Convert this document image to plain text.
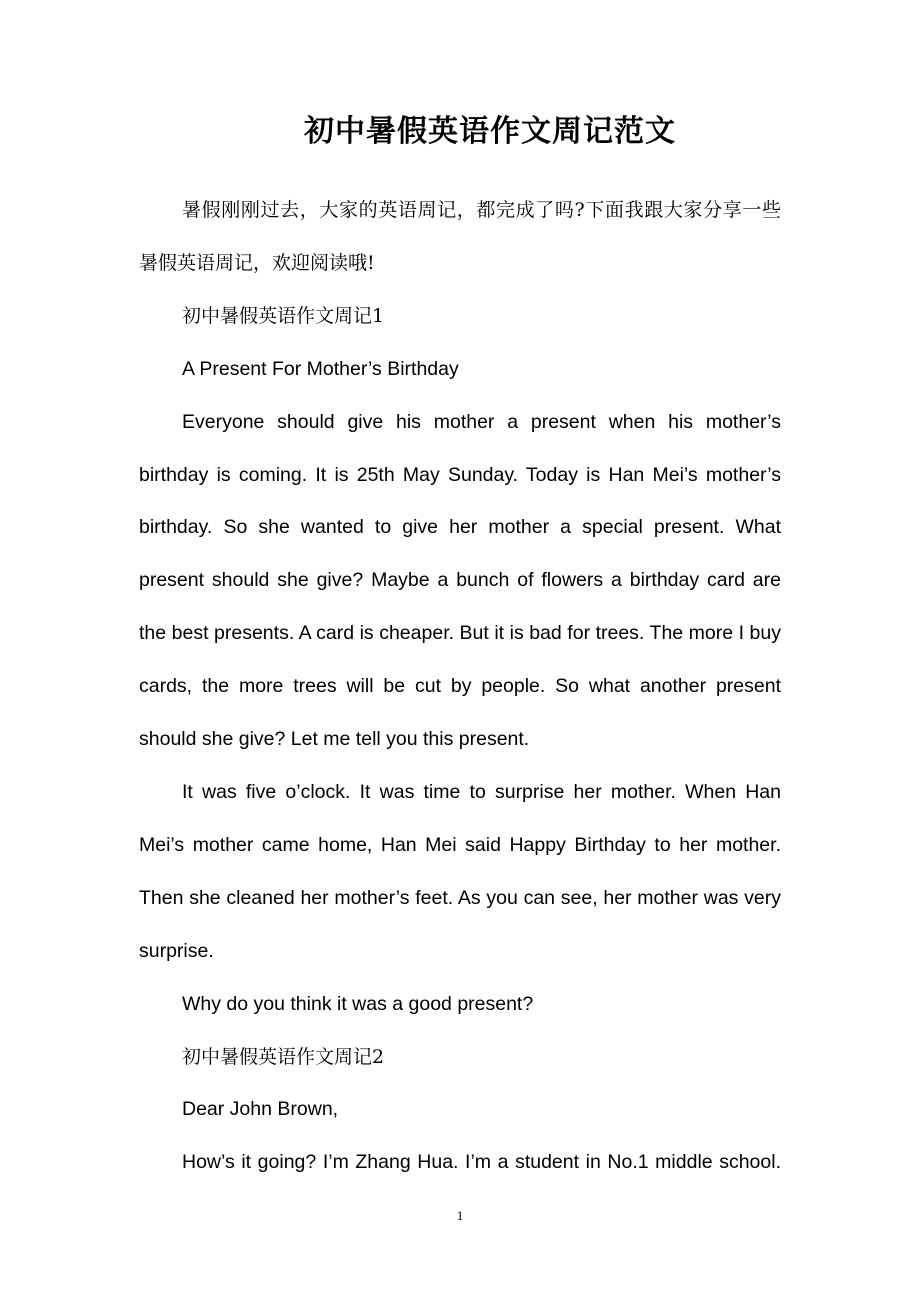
初中暑假英语作文周记范文

暑假刚刚过去，大家的英语周记，都完成了吗?下面我跟大家分享一些暑假英语周记，欢迎阅读哦!

初中暑假英语作文周记1

A Present For Mother’s Birthday

Everyone should give his mother a present when his mother’s birthday is coming. It is 25th May Sunday. Today is Han Mei’s mother’s birthday. So she wanted to give her mother a special present. What present should she give? Maybe a bunch of flowers a birthday card are the best presents. A card is cheaper. But it is bad for trees. The more I buy cards, the more trees will be cut by people. So what another present should she give? Let me tell you this present.

It was five o’clock. It was time to surprise her mother. When Han Mei’s mother came home, Han Mei said Happy Birthday to her mother. Then she cleaned her mother’s feet. As you can see, her mother was very surprise.

Why do you think it was a good present?

初中暑假英语作文周记2

Dear John Brown,

How’s it going? I’m Zhang Hua. I’m a student in No.1 middle school.

1
